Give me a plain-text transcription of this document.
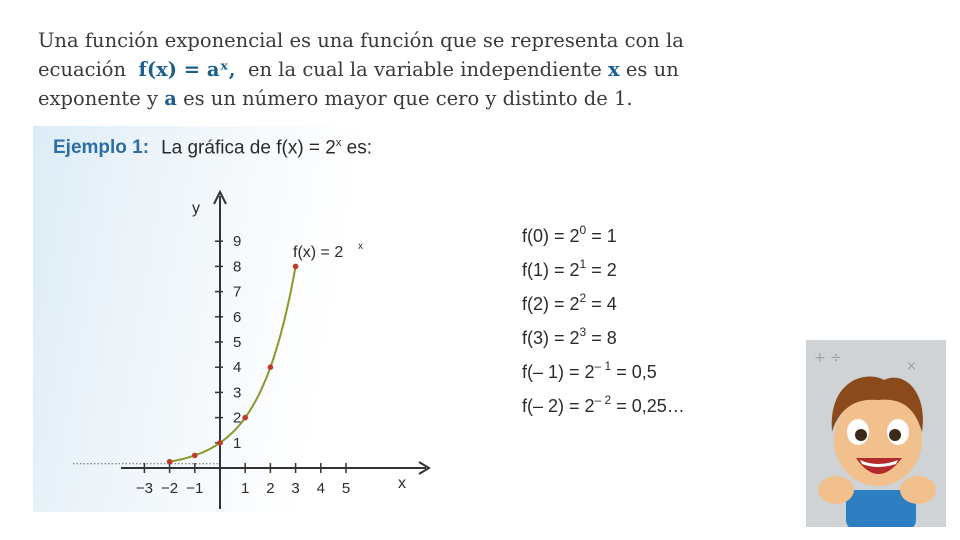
Una función exponencial es una función que se representa con la
ecuación f(x) = aˣ, en la cual la variable independiente x es un
exponente y a es un número mayor que cero y distinto de 1.
x
y
−3 −2 −1	1 2 3 4 5
1
2
3
4
5
6
7
8
9
f(x) = 2 x
$f(0) = 2^0 = 1$
$f(1) = 2^1 = 2$
$f(2) = 2^2 = 4$
$f(3) = 2^3 = 8$
f(– $1) = 2^{- 1} = 0,5$
f(– $2) = 2^{- 2}$ = 0,25…
Ejemplo 1: La gráfica de $f(x) = 2^x$ es:
+ ÷
×
